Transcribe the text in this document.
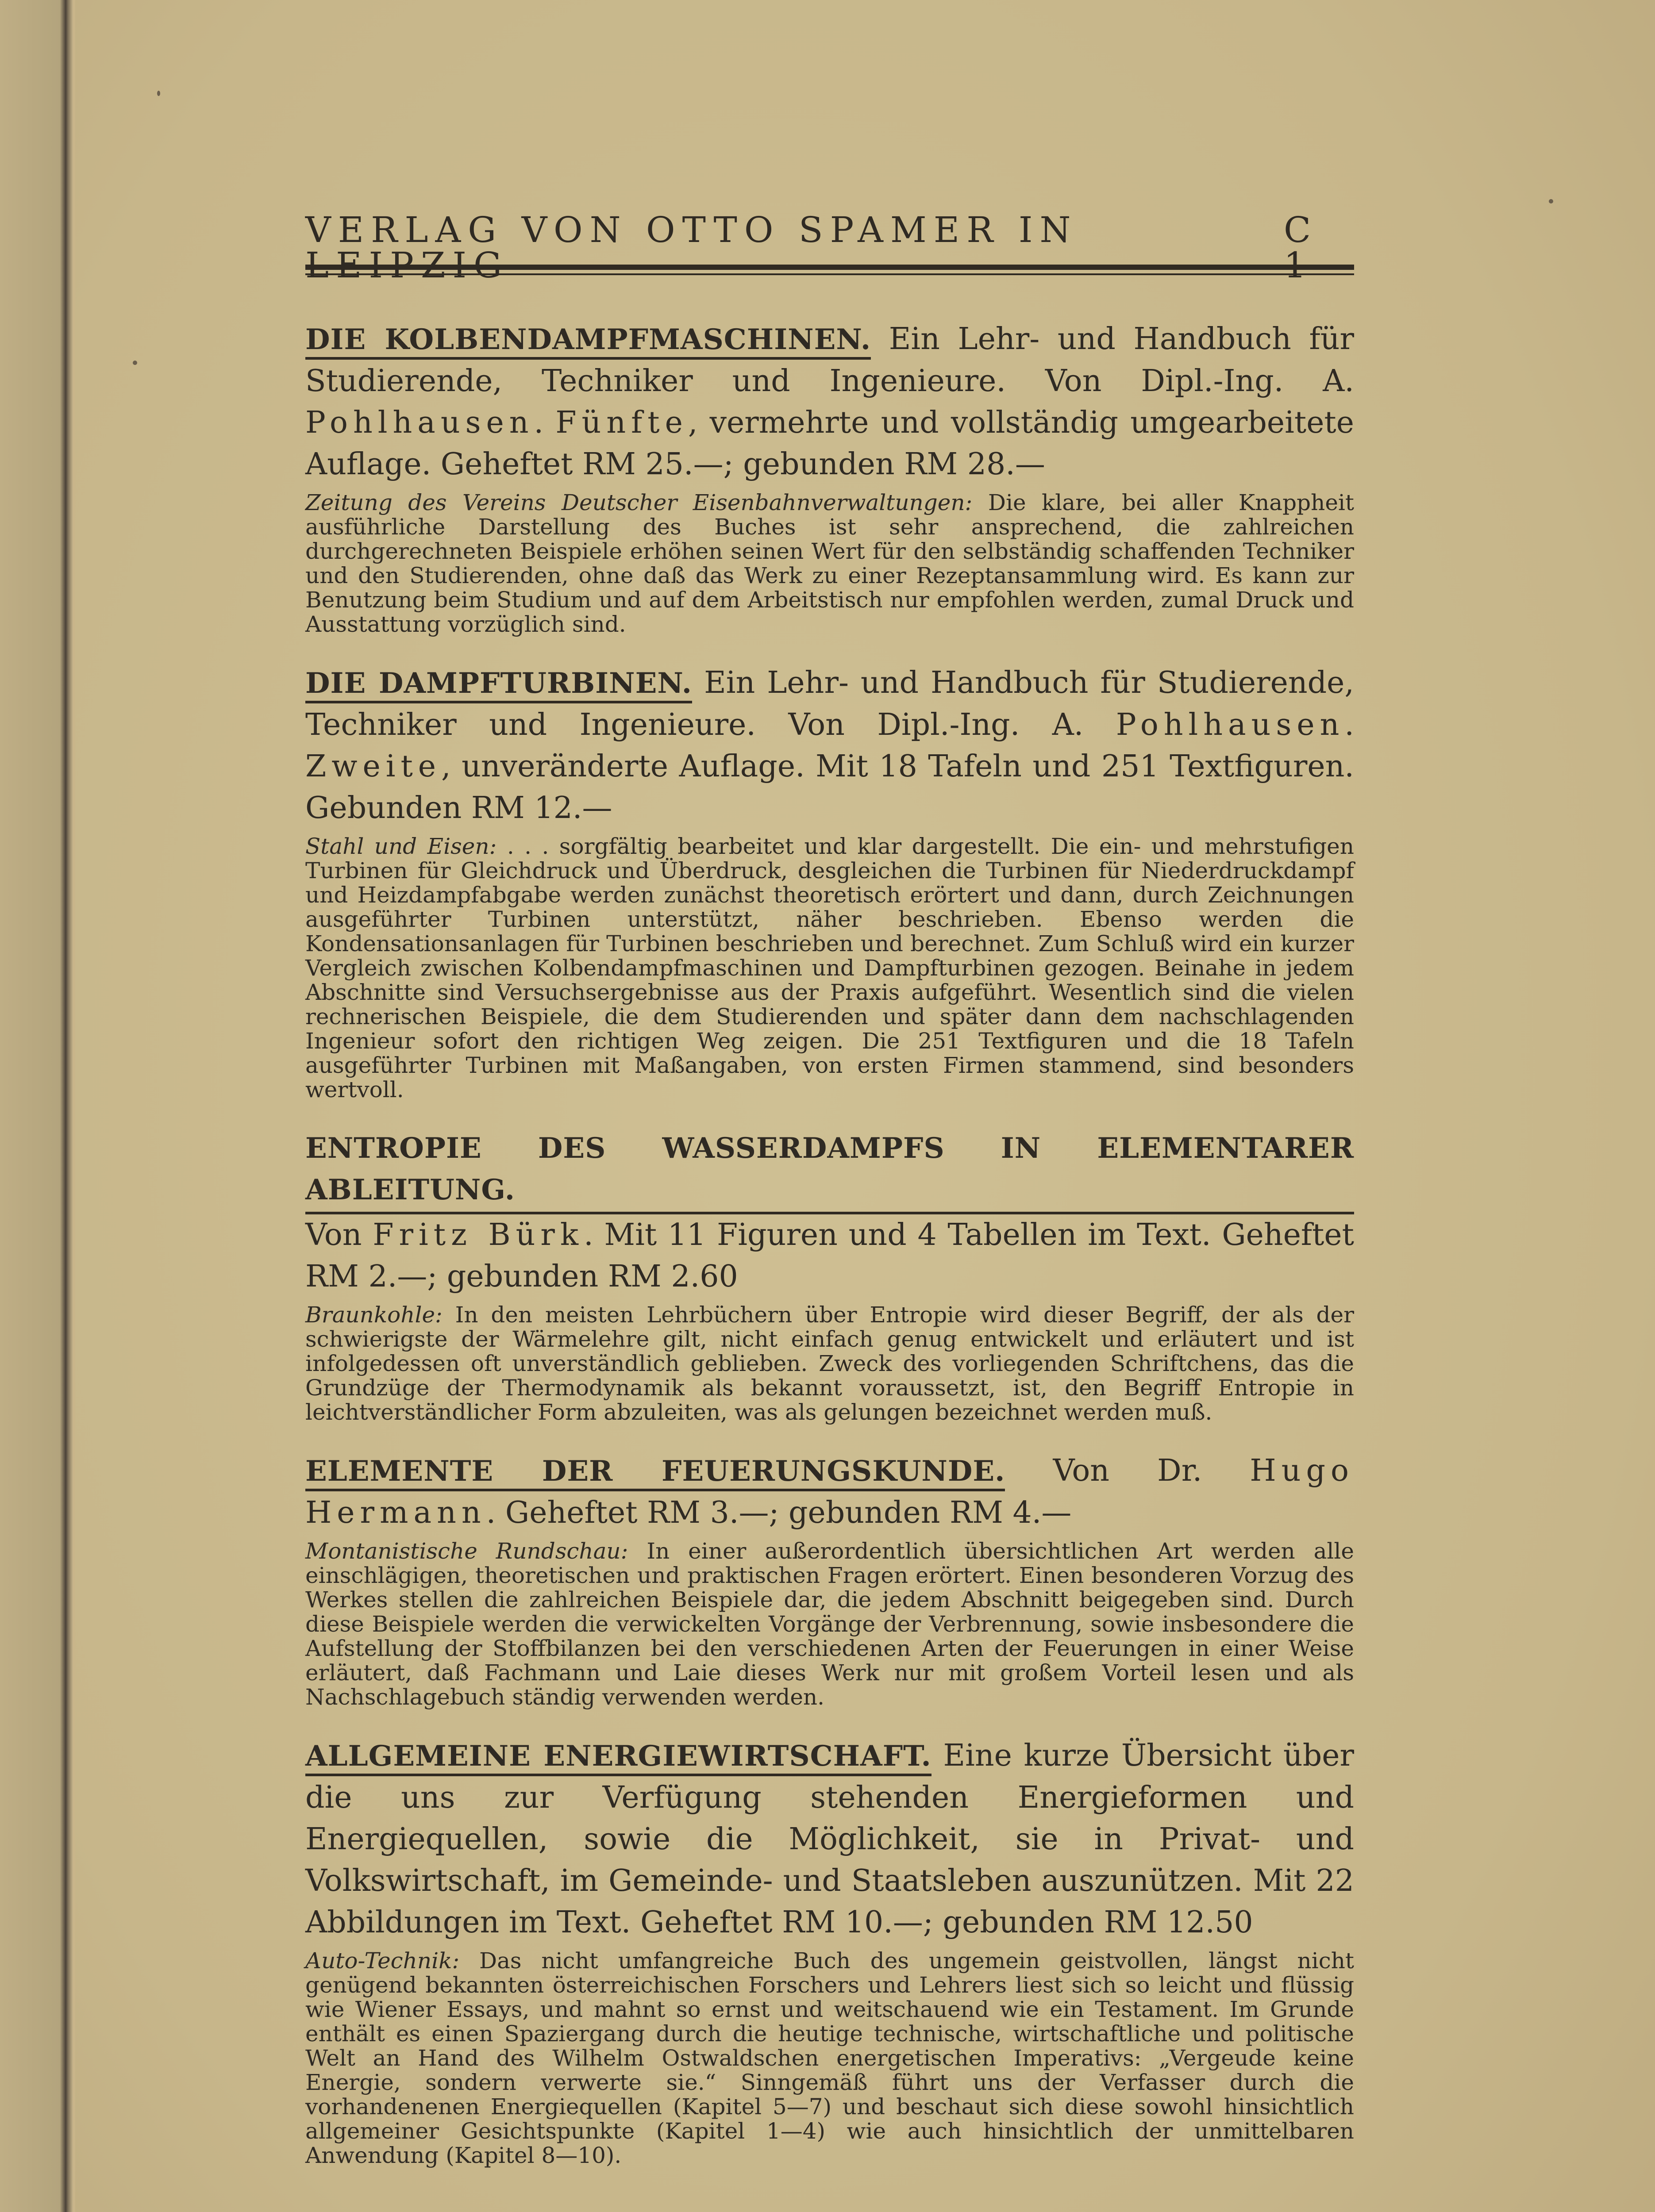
VERLAG VON OTTO SPAMER IN LEIPZIG
C 1

DIE KOLBENDAMPFMASCHINEN. Ein Lehr- und Handbuch für Studierende, Techniker und Ingenieure. Von Dipl.-Ing. A. Pohlhausen. Fünfte, vermehrte und vollständig umgearbeitete Auflage. Geheftet RM 25.—; gebunden RM 28.—

Zeitung des Vereins Deutscher Eisenbahnverwaltungen: Die klare, bei aller Knappheit ausführliche Darstellung des Buches ist sehr ansprechend, die zahlreichen durchgerechneten Beispiele erhöhen seinen Wert für den selbständig schaffenden Techniker und den Studierenden, ohne daß das Werk zu einer Rezeptansammlung wird. Es kann zur Benutzung beim Studium und auf dem Arbeitstisch nur empfohlen werden, zumal Druck und Ausstattung vorzüglich sind.

DIE DAMPFTURBINEN. Ein Lehr- und Handbuch für Studierende, Techniker und Ingenieure. Von Dipl.-Ing. A. Pohlhausen. Zweite, unveränderte Auflage. Mit 18 Tafeln und 251 Textfiguren. Gebunden RM 12.—

Stahl und Eisen: . . . sorgfältig bearbeitet und klar dargestellt. Die ein- und mehrstufigen Turbinen für Gleichdruck und Überdruck, desgleichen die Turbinen für Niederdruckdampf und Heizdampfabgabe werden zunächst theoretisch erörtert und dann, durch Zeichnungen ausgeführter Turbinen unterstützt, näher beschrieben. Ebenso werden die Kondensationsanlagen für Turbinen beschrieben und berechnet. Zum Schluß wird ein kurzer Vergleich zwischen Kolbendampfmaschinen und Dampfturbinen gezogen. Beinahe in jedem Abschnitte sind Versuchsergebnisse aus der Praxis aufgeführt. Wesentlich sind die vielen rechnerischen Beispiele, die dem Studierenden und später dann dem nachschlagenden Ingenieur sofort den richtigen Weg zeigen. Die 251 Textfiguren und die 18 Tafeln ausgeführter Turbinen mit Maßangaben, von ersten Firmen stammend, sind besonders wertvoll.

ENTROPIE DES WASSERDAMPFS IN ELEMENTARER ABLEITUNG.
Von Fritz Bürk. Mit 11 Figuren und 4 Tabellen im Text. Geheftet RM 2.—; gebunden RM 2.60

Braunkohle: In den meisten Lehrbüchern über Entropie wird dieser Begriff, der als der schwierigste der Wärmelehre gilt, nicht einfach genug entwickelt und erläutert und ist infolgedessen oft unverständlich geblieben. Zweck des vorliegenden Schriftchens, das die Grundzüge der Thermodynamik als bekannt voraussetzt, ist, den Begriff Entropie in leichtverständlicher Form abzuleiten, was als gelungen bezeichnet werden muß.

ELEMENTE DER FEUERUNGSKUNDE. Von Dr. Hugo Hermann. Geheftet RM 3.—; gebunden RM 4.—

Montanistische Rundschau: In einer außerordentlich übersichtlichen Art werden alle einschlägigen, theoretischen und praktischen Fragen erörtert. Einen besonderen Vorzug des Werkes stellen die zahlreichen Beispiele dar, die jedem Abschnitt beigegeben sind. Durch diese Beispiele werden die verwickelten Vorgänge der Verbrennung, sowie insbesondere die Aufstellung der Stoffbilanzen bei den verschiedenen Arten der Feuerungen in einer Weise erläutert, daß Fachmann und Laie dieses Werk nur mit großem Vorteil lesen und als Nachschlagebuch ständig verwenden werden.

ALLGEMEINE ENERGIEWIRTSCHAFT. Eine kurze Übersicht über die uns zur Verfügung stehenden Energieformen und Energiequellen, sowie die Möglichkeit, sie in Privat- und Volkswirtschaft, im Gemeinde- und Staatsleben auszunützen. Mit 22 Abbildungen im Text. Geheftet RM 10.—; gebunden RM 12.50

Auto-Technik: Das nicht umfangreiche Buch des ungemein geistvollen, längst nicht genügend bekannten österreichischen Forschers und Lehrers liest sich so leicht und flüssig wie Wiener Essays, und mahnt so ernst und weitschauend wie ein Testament. Im Grunde enthält es einen Spaziergang durch die heutige technische, wirtschaftliche und politische Welt an Hand des Wilhelm Ostwaldschen energetischen Imperativs: „Vergeude keine Energie, sondern verwerte sie.“ Sinngemäß führt uns der Verfasser durch die vorhandenenen Energiequellen (Kapitel 5—7) und beschaut sich diese sowohl hinsichtlich allgemeiner Gesichtspunkte (Kapitel 1—4) wie auch hinsichtlich der unmittelbaren Anwendung (Kapitel 8—10).
